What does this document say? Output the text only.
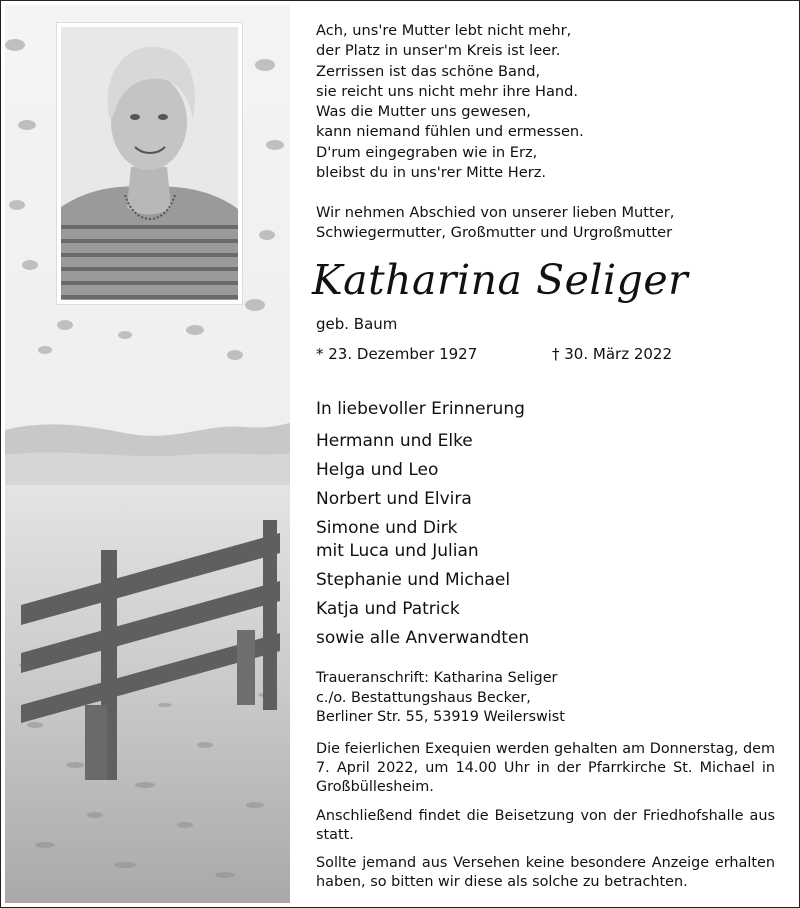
Ach, uns're Mutter lebt nicht mehr,
der Platz in unser'm Kreis ist leer.
Zerrissen ist das schöne Band,
sie reicht uns nicht mehr ihre Hand.
Was die Mutter uns gewesen,
kann niemand fühlen und ermessen.
D'rum eingegraben wie in Erz,
bleibst du in uns'rer Mitte Herz.
Wir nehmen Abschied von unserer lieben Mutter,
Schwiegermutter, Großmutter und Urgroßmutter
Katharina Seliger
geb. Baum
* 23. Dezember 1927	† 30. März 2022
In liebevoller Erinnerung
Hermann und Elke
Helga und Leo
Norbert und Elvira
Simone und Dirk
mit Luca und Julian
Stephanie und Michael
Katja und Patrick
sowie alle Anverwandten
Traueranschrift: Katharina Seliger
c./o. Bestattungshaus Becker,
Berliner Str. 55, 53919 Weilerswist
Die feierlichen Exequien werden gehalten am Donnerstag, dem 7. April 2022, um 14.00 Uhr in der Pfarrkirche St. Michael in Großbüllesheim.
Anschließend findet die Beisetzung von der Friedhofshalle aus statt.
Sollte jemand aus Versehen keine besondere Anzeige erhalten haben, so bitten wir diese als solche zu betrachten.
